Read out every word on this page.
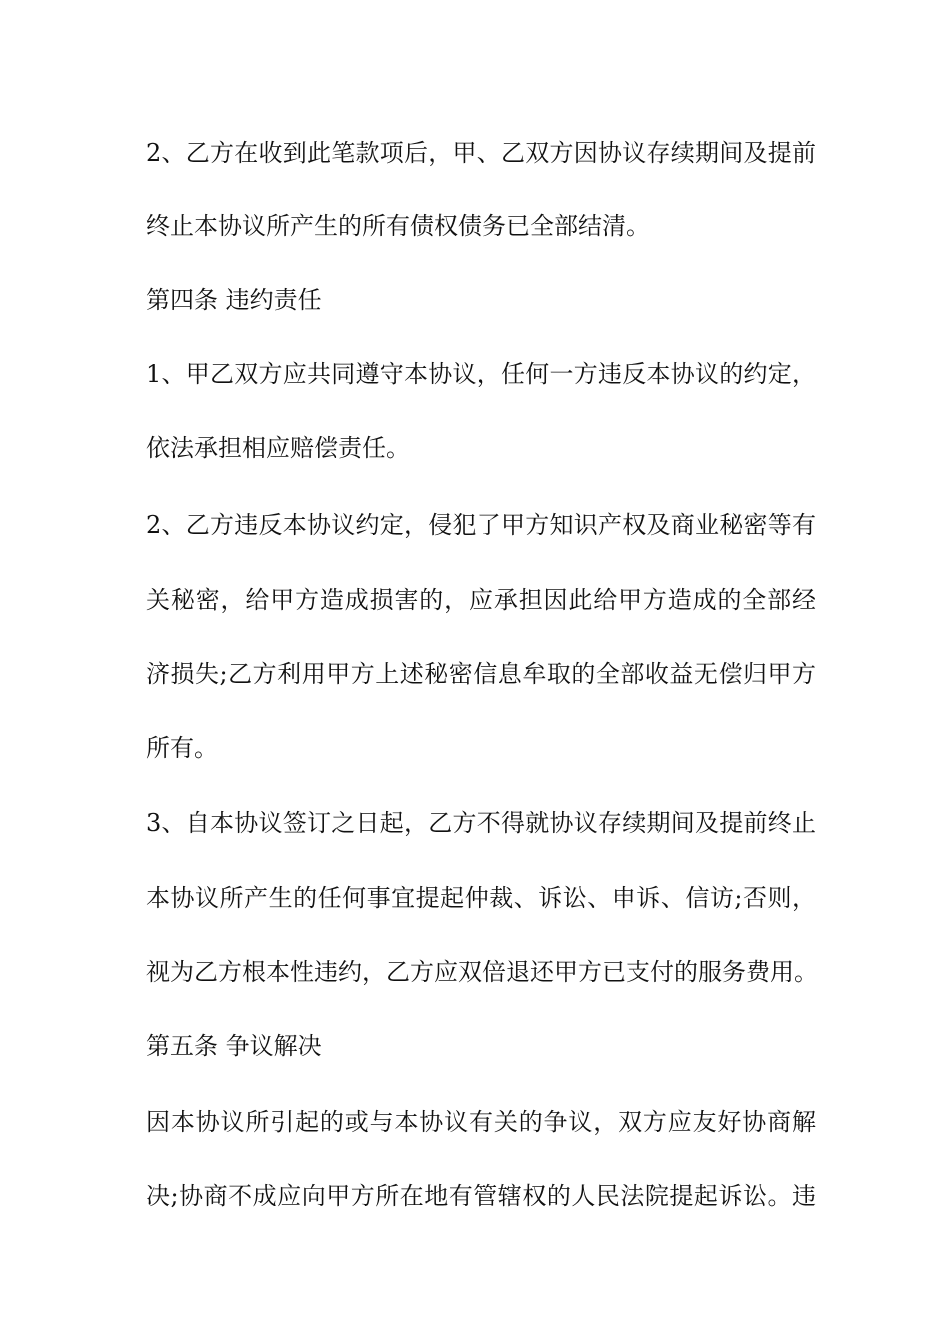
2、乙方在收到此笔款项后，甲、乙双方因协议存续期间及提前
终止本协议所产生的所有债权债务已全部结清。
第四条 违约责任
1、甲乙双方应共同遵守本协议，任何一方违反本协议的约定，
依法承担相应赔偿责任。
2、乙方违反本协议约定，侵犯了甲方知识产权及商业秘密等有
关秘密，给甲方造成损害的，应承担因此给甲方造成的全部经
济损失;乙方利用甲方上述秘密信息牟取的全部收益无偿归甲方
所有。
3、自本协议签订之日起，乙方不得就协议存续期间及提前终止
本协议所产生的任何事宜提起仲裁、诉讼、申诉、信访;否则，
视为乙方根本性违约，乙方应双倍退还甲方已支付的服务费用。
第五条 争议解决
因本协议所引起的或与本协议有关的争议，双方应友好协商解
决;协商不成应向甲方所在地有管辖权的人民法院提起诉讼。违
